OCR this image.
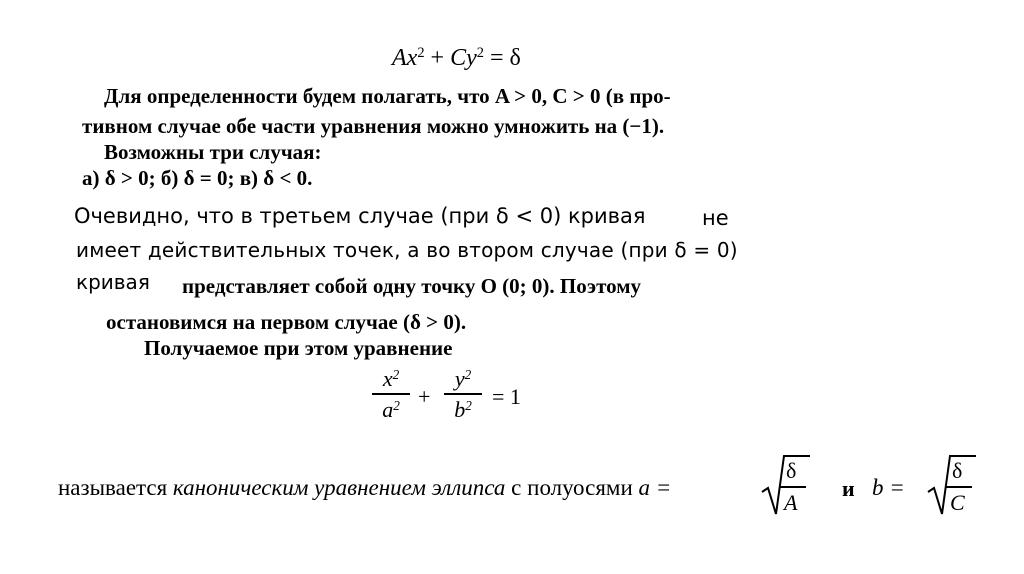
$Ax^2 + Cy^2 = \delta$
Для определенности будем полагать, что A > 0, C > 0 (в про-
тивном случае обе части уравнения можно умножить на (−1).
Возможны три случая:
а) δ > 0; б) δ = 0; в) δ < 0.
Очевидно, что в третьем случае (при δ < 0) кривая	не
имеет действительных точек, а во втором случае (при δ = 0)
кривая представляет собой одну точку O (0; 0). Поэтому
остановимся на первом случае (δ > 0).
Получаемое при этом уравнение
$x^2$
$a^2$ +
$y^2$
$b^2 = 1$
называется каноническим уравнением эллипса с полуосями a =
δ
A
и b =
δ
C
